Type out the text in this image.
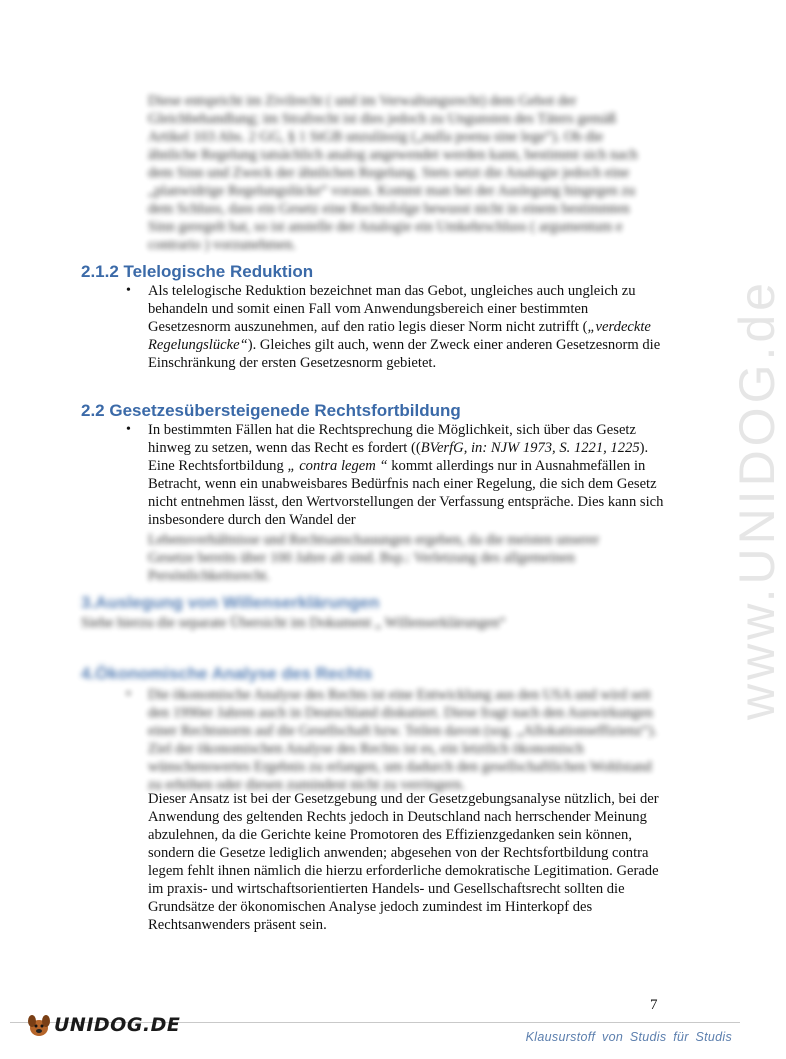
www.UNIDOG.de
Diese entspricht im Zivilrecht ( und im Verwaltungsrecht) dem Gebot der Gleichbehandlung; im Strafrecht ist dies jedoch zu Ungunsten des Täters gemäß Artikel 103 Abs. 2 GG, § 1 StGB unzulässig („nulla poena sine lege“). Ob die ähnliche Regelung tatsächlich analog angewendet werden kann, bestimmt sich nach dem Sinn und Zweck der ähnlichen Regelung. Stets setzt die Analogie jedoch eine „planwidrige Regelungslücke“ voraus. Kommt man bei der Auslegung hingegen zu dem Schluss, dass ein Gesetz eine Rechtsfolge bewusst nicht in einem bestimmten Sinn geregelt hat, so ist anstelle der Analogie ein Umkehrschluss ( argumentum e contrario ) vorzunehmen.
2.1.2 Telelogische Reduktion
•	Als telelogische Reduktion bezeichnet man das Gebot, ungleiches auch ungleich zu behandeln und somit einen Fall vom Anwendungsbereich einer bestimmten Gesetzesnorm auszunehmen, auf den ratio legis dieser Norm nicht zutrifft („verdeckte Regelungslücke“). Gleiches gilt auch, wenn der Zweck einer anderen Gesetzesnorm die Einschränkung der ersten Gesetzesnorm gebietet.
2.2 Gesetzesübersteigenede Rechtsfortbildung
•	In bestimmten Fällen hat die Rechtsprechung die Möglichkeit, sich über das Gesetz hinweg zu setzen, wenn das Recht es fordert ((BVerfG, in: NJW 1973, S. 1221, 1225). Eine Rechtsfortbildung „ contra legem “ kommt allerdings nur in Ausnahmefällen in Betracht, wenn ein unabweisbares Bedürfnis nach einer Regelung, die sich dem Gesetz nicht entnehmen lässt, den Wertvorstellungen der Verfassung entspräche. Dies kann sich insbesondere durch den Wandel der
Lebensverhältnisse und Rechtsanschauungen ergeben, da die meisten unserer Gesetze bereits über 100 Jahre alt sind. Bsp.: Verletzung des allgemeinen Persönlichkeitsrecht.
3.Auslegung von Willenserklärungen
Siehe hierzu die separate Übersicht im Dokument „ Willenserklärungen“
4.Ökonomische Analyse des Rechts
•	Die ökonomische Analyse des Rechts ist eine Entwicklung aus den USA und wird seit den 1990er Jahren auch in Deutschland diskutiert. Diese fragt nach den Auswirkungen einer Rechtsnorm auf die Gesellschaft bzw. Teilen davon (sog. „Allokationseffizienz“). Ziel der ökonomischen Analyse des Rechts ist es, ein letztlich ökonomisch wünschenswertes Ergebnis zu erlangen, um dadurch den gesellschaftlichen Wohlstand zu erhöhen oder diesen zumindest nicht zu verringern.
Dieser Ansatz ist bei der Gesetzgebung und der Gesetzgebungsanalyse nützlich, bei der Anwendung des geltenden Rechts jedoch in Deutschland nach herrschender Meinung abzulehnen, da die Gerichte keine Promotoren des Effizienzgedanken sein können, sondern die Gesetze lediglich anwenden; abgesehen von der Rechtsfortbildung contra legem fehlt ihnen nämlich die hierzu erforderliche demokratische Legitimation. Gerade im praxis- und wirtschaftsorientierten Handels- und Gesellschaftsrecht sollten die Grundsätze der ökonomischen Analyse jedoch zumindest im Hinterkopf des Rechtsanwenders präsent sein.
7
UNIDOG.DE
Klausurstoff von Studis für Studis
